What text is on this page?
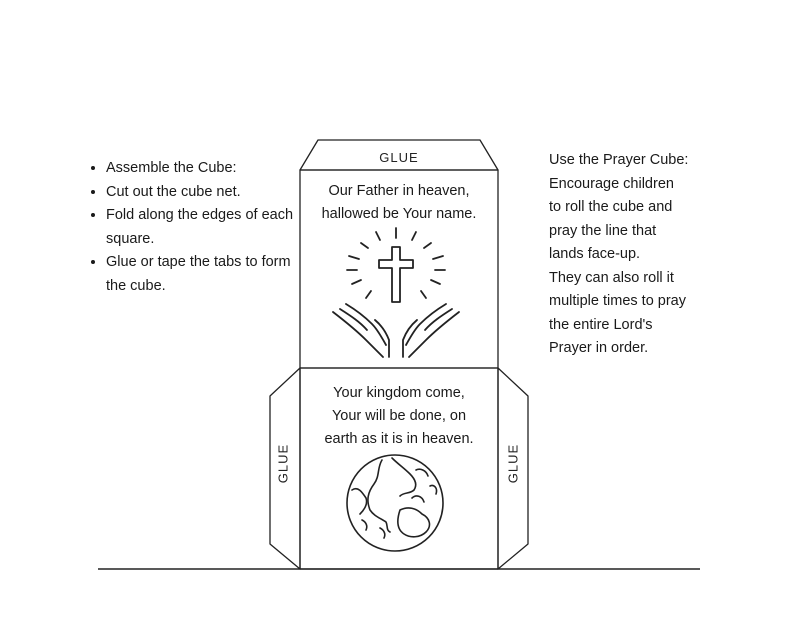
• Assemble the Cube:
• Cut out the cube net.
• Fold along the edges of each square.
• Glue or tape the tabs to form the cube.
Use the Prayer Cube:
Encourage children
to roll the cube and
pray the line that
lands face-up.
They can also roll it
multiple times to pray
the entire Lord's
Prayer in order.
GLUE
GLUE	GLUE
Our Father in heaven,
hallowed be Your name.
Your kingdom come,
Your will be done, on
earth as it is in heaven.
